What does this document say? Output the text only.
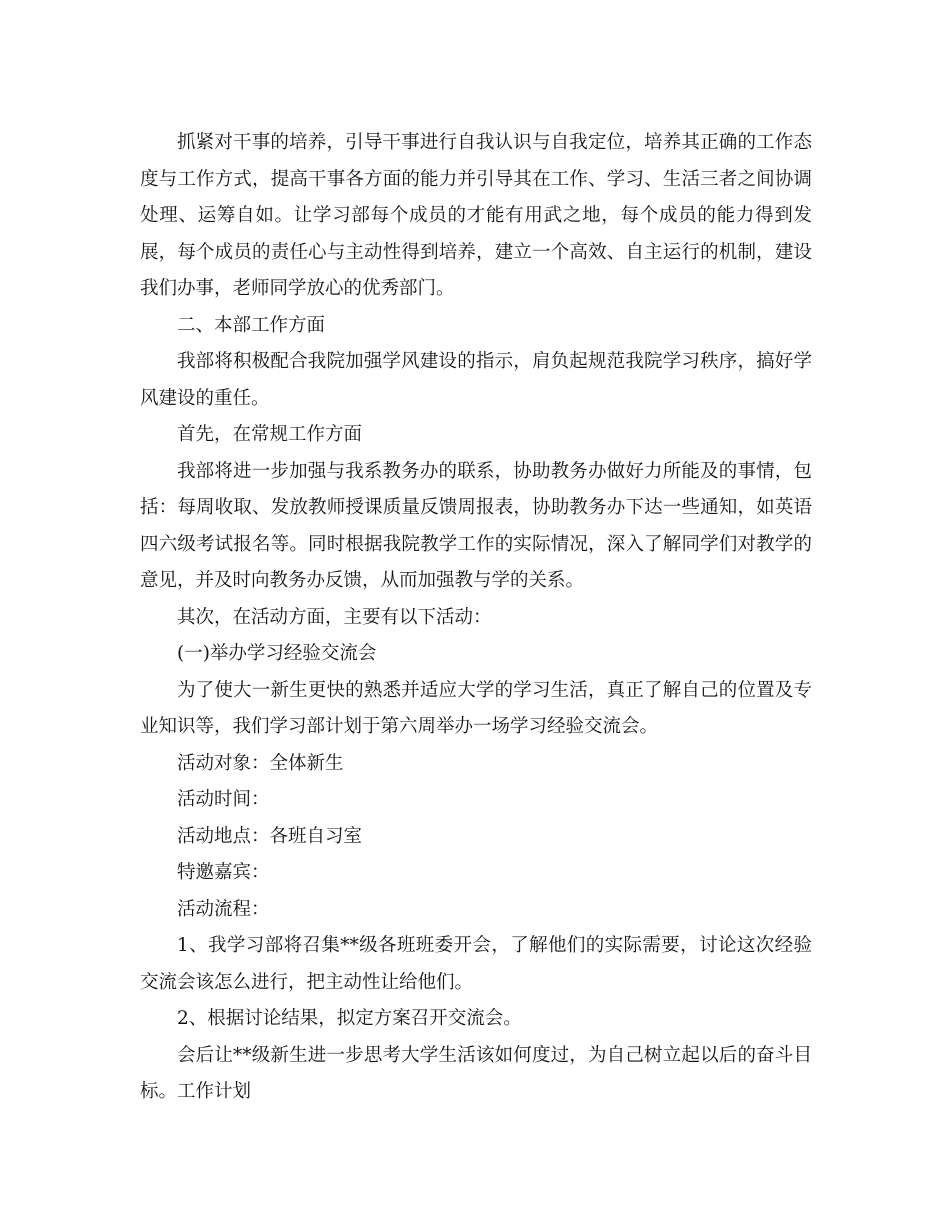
抓紧对干事的培养，引导干事进行自我认识与自我定位，培养其正确的工作态度与工作方式，提高干事各方面的能力并引导其在工作、学习、生活三者之间协调处理、运筹自如。让学习部每个成员的才能有用武之地，每个成员的能力得到发展，每个成员的责任心与主动性得到培养，建立一个高效、自主运行的机制，建设我们办事，老师同学放心的优秀部门。

二、本部工作方面

我部将积极配合我院加强学风建设的指示，肩负起规范我院学习秩序，搞好学风建设的重任。

首先，在常规工作方面

我部将进一步加强与我系教务办的联系，协助教务办做好力所能及的事情，包括：每周收取、发放教师授课质量反馈周报表，协助教务办下达一些通知，如英语四六级考试报名等。同时根据我院教学工作的实际情况，深入了解同学们对教学的意见，并及时向教务办反馈，从而加强教与学的关系。

其次，在活动方面，主要有以下活动：

(一)举办学习经验交流会

为了使大一新生更快的熟悉并适应大学的学习生活，真正了解自己的位置及专业知识等，我们学习部计划于第六周举办一场学习经验交流会。

活动对象：全体新生

活动时间：

活动地点：各班自习室

特邀嘉宾：

活动流程：

1、我学习部将召集**级各班班委开会，了解他们的实际需要，讨论这次经验交流会该怎么进行，把主动性让给他们。

2、根据讨论结果，拟定方案召开交流会。

会后让**级新生进一步思考大学生活该如何度过，为自己树立起以后的奋斗目标。工作计划
